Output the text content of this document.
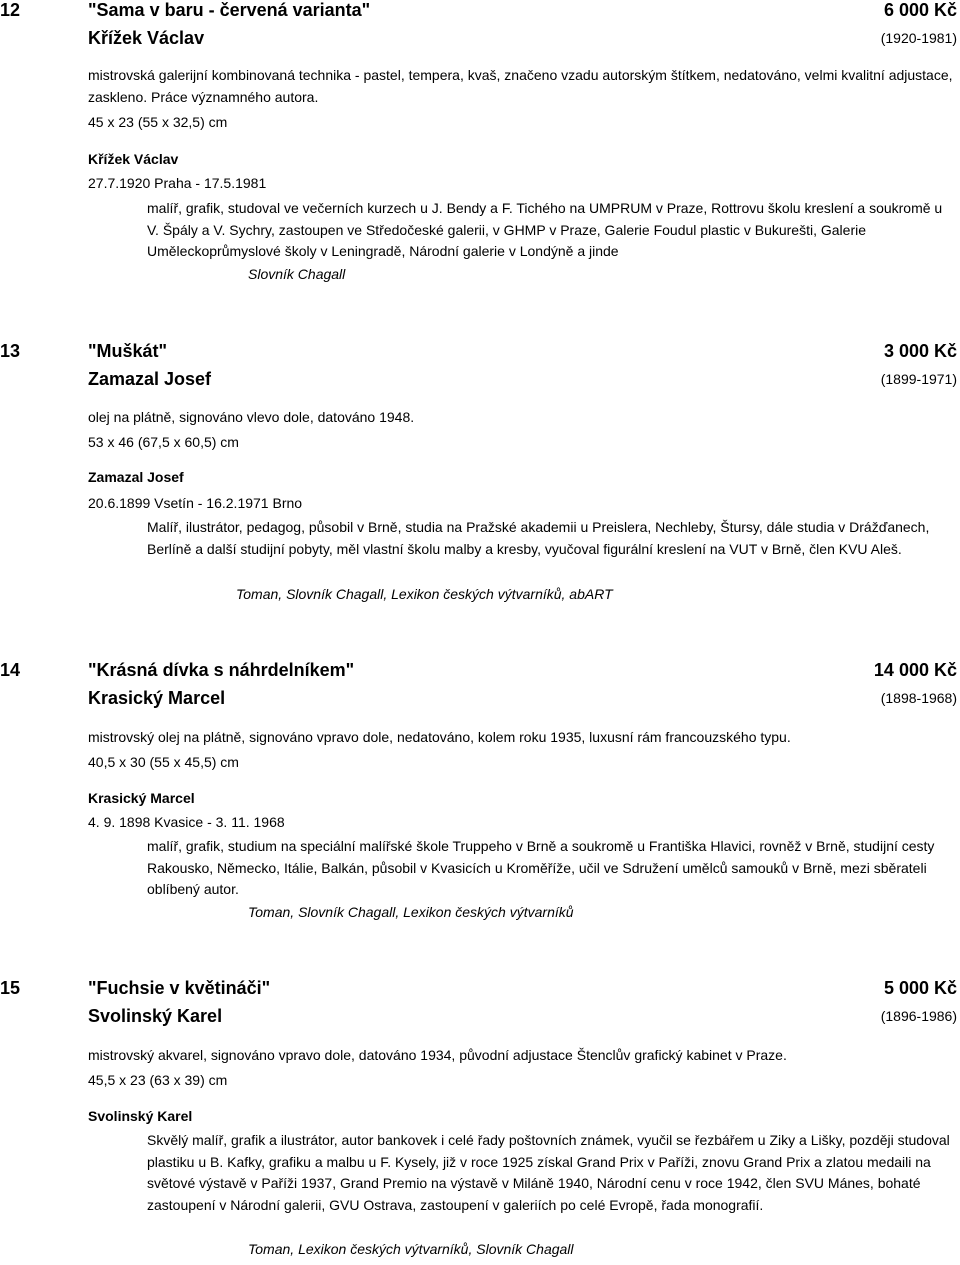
12	"Sama v baru - červená varianta"	6 000 Kč
Křížek Václav	(1920-1981)
mistrovská galerijní kombinovaná technika - pastel, tempera, kvaš, značeno vzadu autorským štítkem, nedatováno, velmi kvalitní adjustace, zaskleno. Práce významného autora.
45 x 23 (55 x 32,5) cm
Křížek Václav
27.7.1920 Praha - 17.5.1981
malíř, grafik, studoval ve večerních kurzech u J. Bendy a F. Tichého na UMPRUM v Praze, Rottrovu školu kreslení a soukromě u V. Špály a V. Sychry, zastoupen ve Středočeské galerii, v GHMP v Praze, Galerie Foudul plastic v Bukurešti, Galerie Uměleckoprůmyslové školy v Leningradě, Národní galerie v Londýně a jinde
Slovník Chagall
13	"Muškát"	3 000 Kč
Zamazal Josef	(1899-1971)
olej na plátně, signováno vlevo dole, datováno 1948.
53 x 46 (67,5 x 60,5) cm
Zamazal Josef
20.6.1899 Vsetín - 16.2.1971 Brno
Malíř, ilustrátor, pedagog, působil v Brně, studia na Pražské akademii u Preislera, Nechleby, Štursy, dále studia v Drážďanech, Berlíně a další studijní pobyty, měl vlastní školu malby a kresby, vyučoval figurální kreslení na VUT v Brně, člen KVU Aleš.
Toman, Slovník Chagall, Lexikon českých výtvarníků, abART
14	"Krásná dívka s náhrdelníkem"	14 000 Kč
Krasický Marcel	(1898-1968)
mistrovský olej na plátně, signováno vpravo dole, nedatováno, kolem roku 1935, luxusní rám francouzského typu.
40,5 x 30 (55 x 45,5) cm
Krasický Marcel
4. 9. 1898 Kvasice - 3. 11. 1968
malíř, grafik, studium na speciální malířské škole Truppeho v Brně a soukromě u Františka Hlavici, rovněž v Brně, studijní cesty Rakousko, Německo, Itálie, Balkán, působil v Kvasicích u Kroměříže, učil ve Sdružení umělců samouků v Brně, mezi sběrateli oblíbený autor.
Toman, Slovník Chagall, Lexikon českých výtvarníků
15	"Fuchsie v květináči"	5 000 Kč
Svolinský Karel	(1896-1986)
mistrovský akvarel, signováno vpravo dole, datováno 1934, původní adjustace Štenclův grafický kabinet v Praze.
45,5 x 23 (63 x 39) cm
Svolinský Karel
Skvělý malíř, grafik a ilustrátor, autor bankovek i celé řady poštovních známek, vyučil se řezbářem u Ziky a Lišky, později studoval plastiku u B. Kafky, grafiku a malbu u F. Kysely, již v roce 1925 získal Grand Prix v Paříži, znovu Grand Prix a zlatou medaili na světové výstavě v Paříži 1937, Grand Premio na výstavě v Miláně 1940, Národní cenu v roce 1942, člen SVU Mánes, bohaté zastoupení v Národní galerii, GVU Ostrava, zastoupení v galeriích po celé Evropě, řada monografií.
Toman, Lexikon českých výtvarníků, Slovník Chagall
